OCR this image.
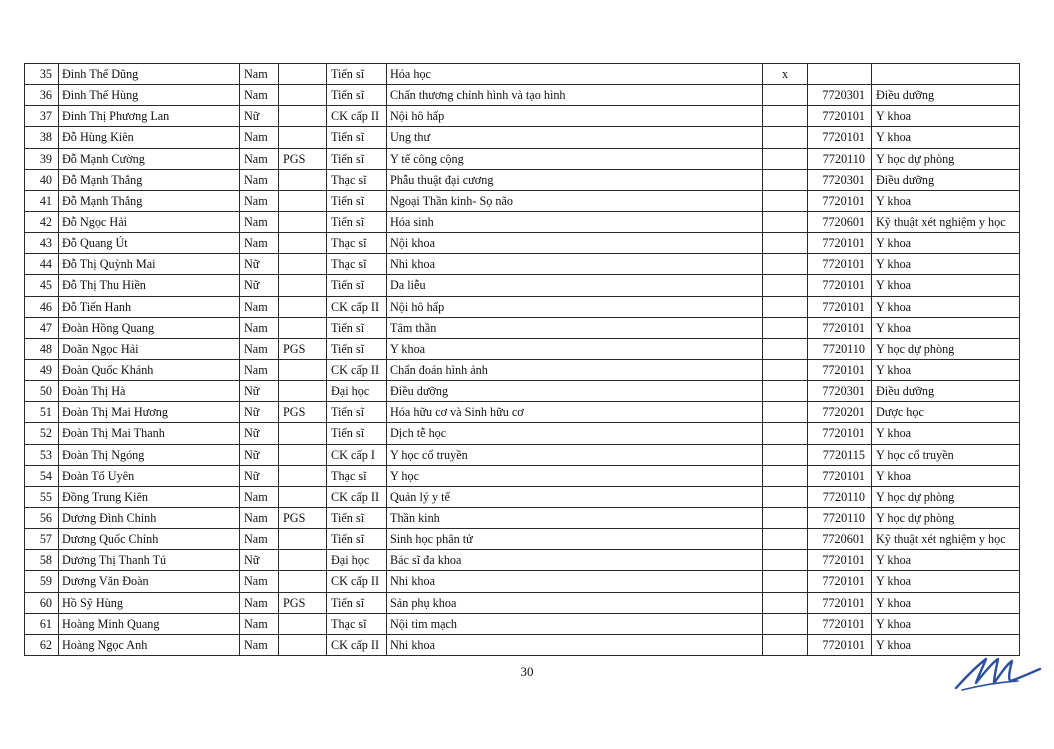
35	Đinh Thế Dũng	Nam		Tiến sĩ	Hóa học	x		
36	Đinh Thế Hùng	Nam		Tiến sĩ	Chấn thương chỉnh hình và tạo hình		7720301	Điều dưỡng
37	Đinh Thị Phương Lan	Nữ		CK cấp II	Nội hô hấp		7720101	Y khoa
38	Đỗ Hùng Kiên	Nam		Tiến sĩ	Ung thư		7720101	Y khoa
39	Đỗ Mạnh Cường	Nam	PGS	Tiến sĩ	Y tế công cộng		7720110	Y học dự phòng
40	Đỗ Mạnh Thắng	Nam		Thạc sĩ	Phẫu thuật đại cương		7720301	Điều dưỡng
41	Đỗ Mạnh Thắng	Nam		Tiến sĩ	Ngoại Thần kinh- Sọ não		7720101	Y khoa
42	Đỗ Ngọc Hải	Nam		Tiến sĩ	Hóa sinh		7720601	Kỹ thuật xét nghiệm y học
43	Đỗ Quang Út	Nam		Thạc sĩ	Nội khoa		7720101	Y khoa
44	Đỗ Thị Quỳnh Mai	Nữ		Thạc sĩ	Nhi khoa		7720101	Y khoa
45	Đỗ Thị Thu Hiền	Nữ		Tiến sĩ	Da liễu		7720101	Y khoa
46	Đỗ Tiến Hanh	Nam		CK cấp II	Nội hô hấp		7720101	Y khoa
47	Đoàn Hồng Quang	Nam		Tiến sĩ	Tâm thần		7720101	Y khoa
48	Doãn Ngọc Hải	Nam	PGS	Tiến sĩ	Y khoa		7720110	Y học dự phòng
49	Đoàn Quốc Khánh	Nam		CK cấp II	Chẩn đoán hình ảnh		7720101	Y khoa
50	Đoàn Thị Hà	Nữ		Đại học	Điều dưỡng		7720301	Điều dưỡng
51	Đoàn Thị Mai Hương	Nữ	PGS	Tiến sĩ	Hóa hữu cơ và Sinh hữu cơ		7720201	Dược học
52	Đoàn Thị Mai Thanh	Nữ		Tiến sĩ	Dịch tễ học		7720101	Y khoa
53	Đoàn Thị Ngóng	Nữ		CK cấp I	Y học cổ truyền		7720115	Y học cổ truyền
54	Đoàn Tố Uyên	Nữ		Thạc sĩ	Y học		7720101	Y khoa
55	Đồng Trung Kiên	Nam		CK cấp II	Quản lý y tế		7720110	Y học dự phòng
56	Dương Đình Chỉnh	Nam	PGS	Tiến sĩ	Thần kinh		7720110	Y học dự phòng
57	Dương Quốc Chính	Nam		Tiến sĩ	Sinh học phân tử		7720601	Kỹ thuật xét nghiệm y học
58	Dương Thị Thanh Tú	Nữ		Đại học	Bác sĩ đa khoa		7720101	Y khoa
59	Dương Văn Đoàn	Nam		CK cấp II	Nhi khoa		7720101	Y khoa
60	Hồ Sỹ Hùng	Nam	PGS	Tiến sĩ	Sản phụ khoa		7720101	Y khoa
61	Hoàng Minh Quang	Nam		Thạc sĩ	Nội tim mạch		7720101	Y khoa
62	Hoàng Ngọc Anh	Nam		CK cấp II	Nhi khoa		7720101	Y khoa
30
